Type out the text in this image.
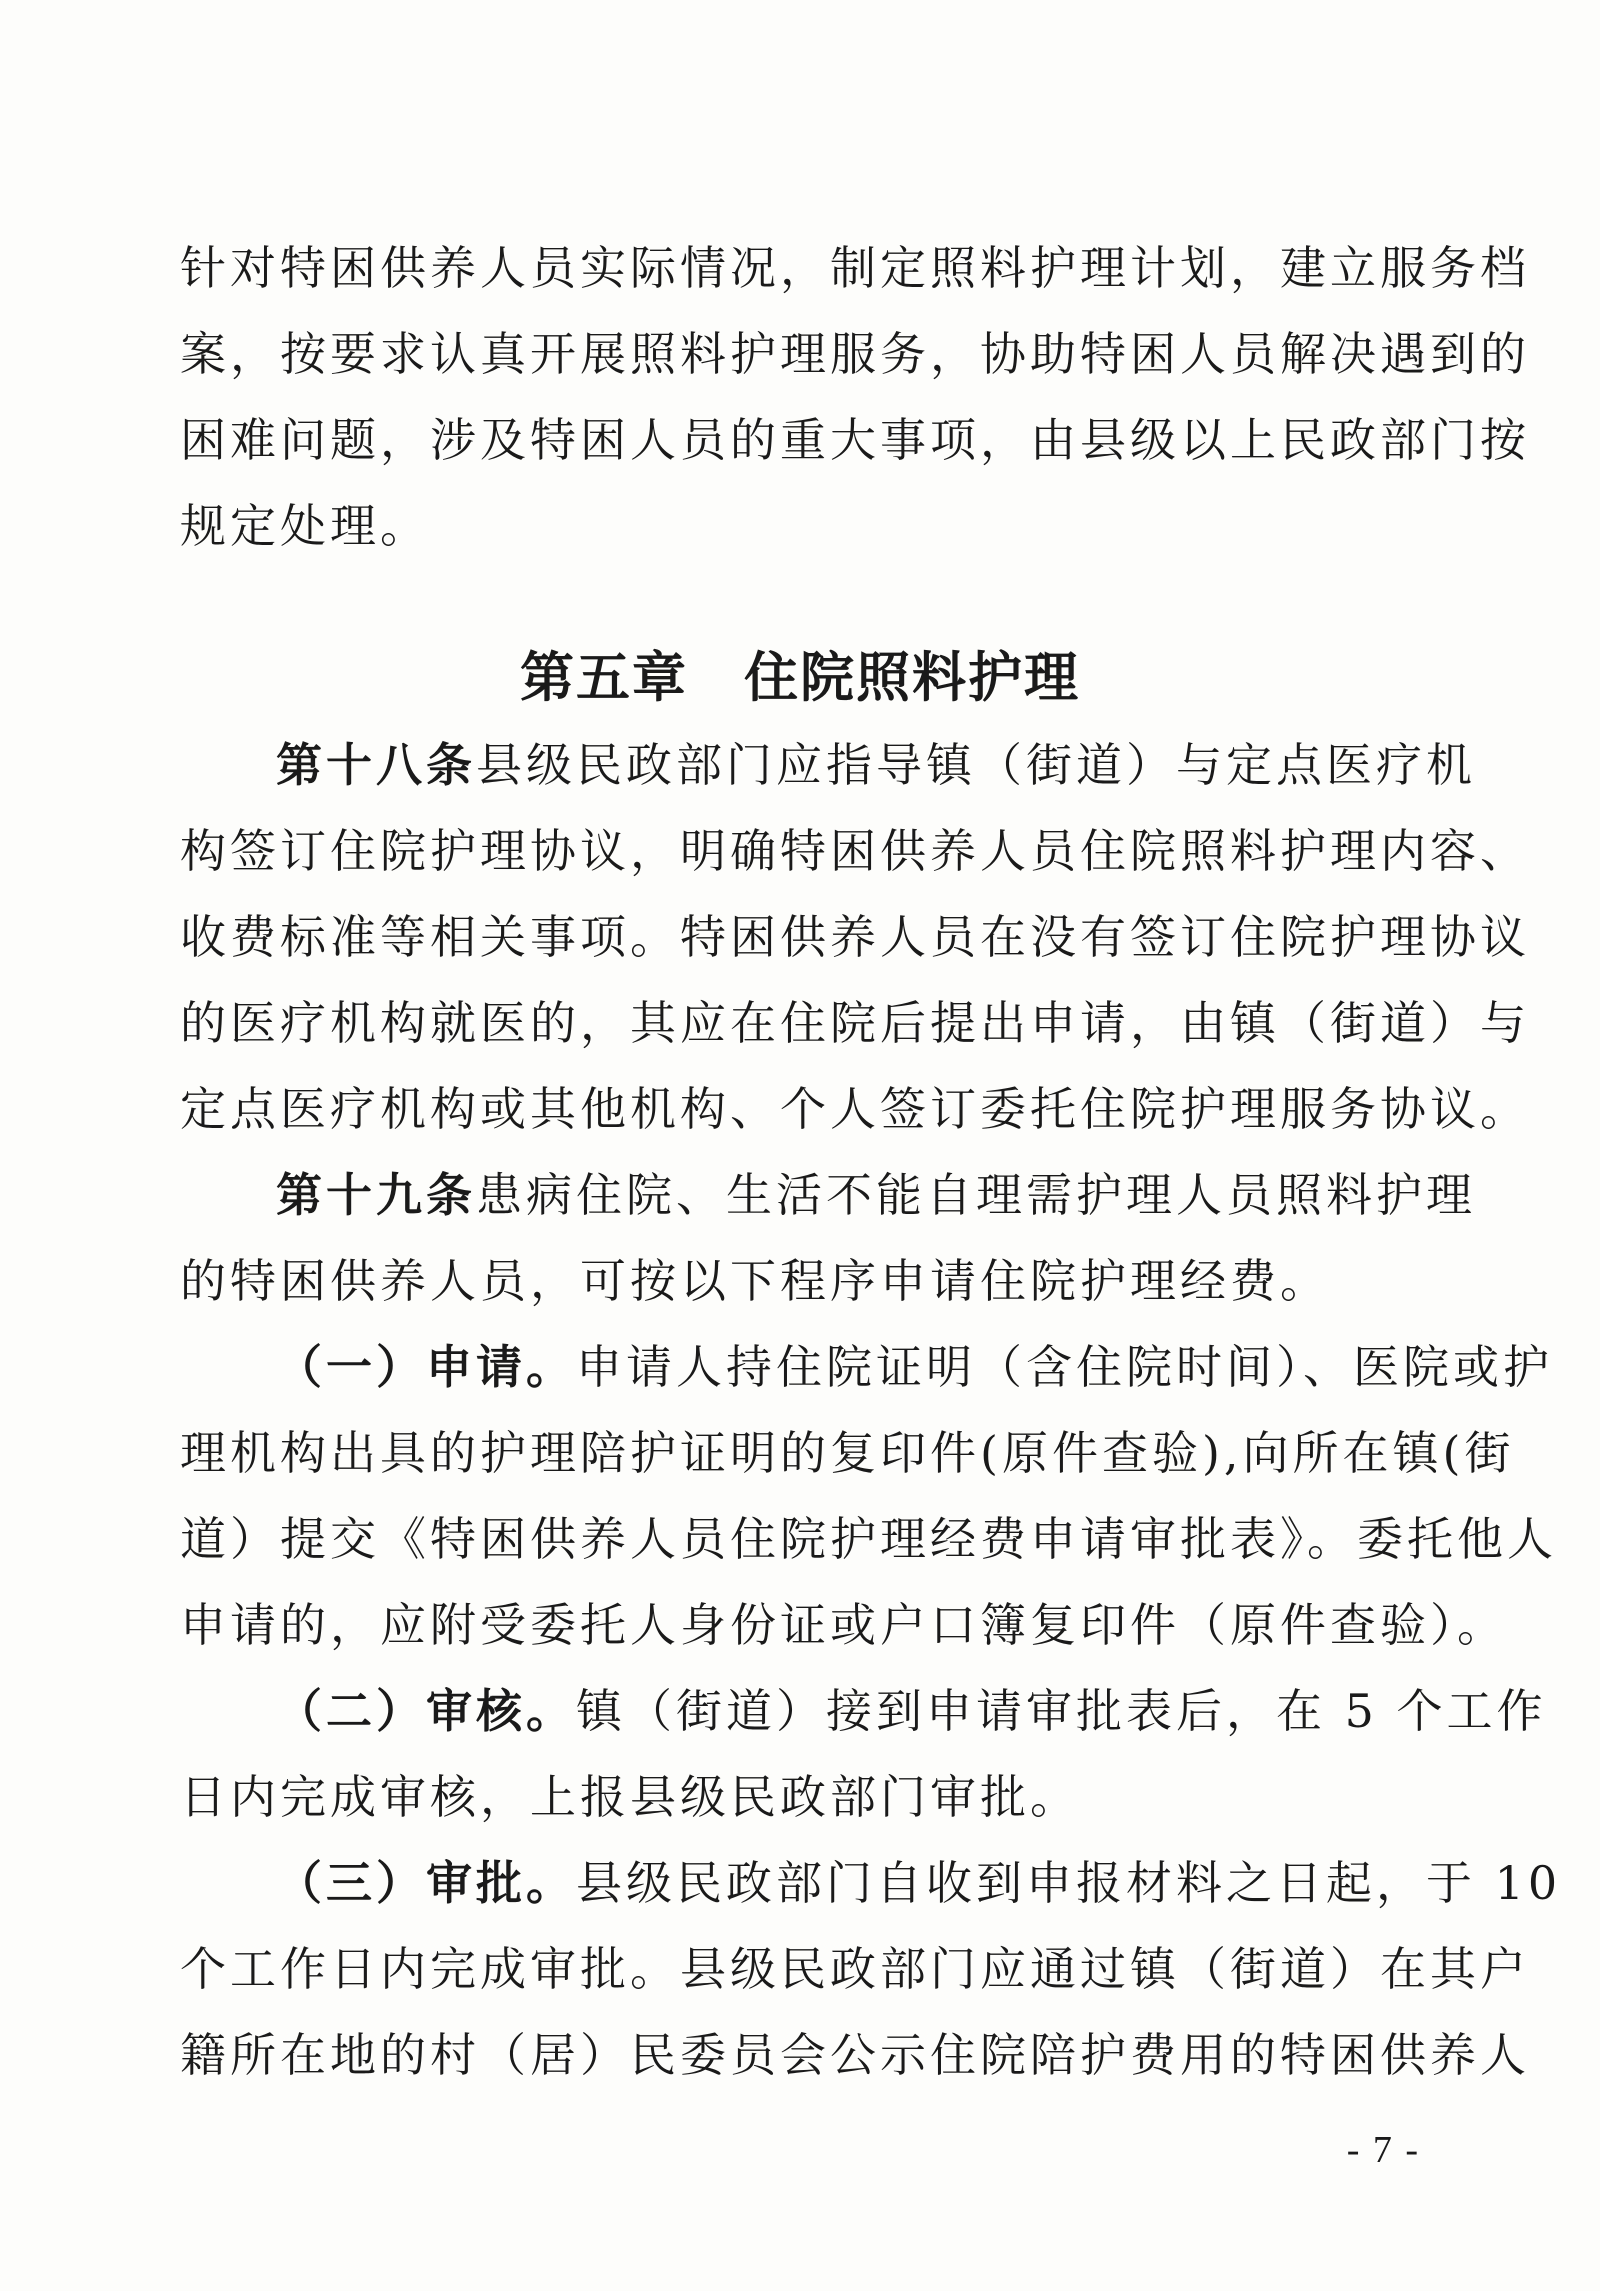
针对特困供养人员实际情况，制定照料护理计划，建立服务档
案，按要求认真开展照料护理服务，协助特困人员解决遇到的
困难问题，涉及特困人员的重大事项，由县级以上民政部门按
规定处理。
第五章 住院照料护理
第十八条 县级民政部门应指导镇（街道）与定点医疗机
构签订住院护理协议，明确特困供养人员住院照料护理内容、
收费标准等相关事项。特困供养人员在没有签订住院护理协议
的医疗机构就医的，其应在住院后提出申请，由镇（街道）与
定点医疗机构或其他机构、个人签订委托住院护理服务协议。
第十九条 患病住院、生活不能自理需护理人员照料护理
的特困供养人员，可按以下程序申请住院护理经费。
（一）申请。 申请人持住院证明（含住院时间）、医院或护
理机构出具的护理陪护证明的复印件(原件查验),向所在镇(街
道）提交《特困供养人员住院护理经费申请审批表》。委托他人
申请的，应附受委托人身份证或户口簿复印件（原件查验）。
（二）审核。 镇（街道）接到申请审批表后，在 5 个工作
日内完成审核，上报县级民政部门审批。
（三）审批。 县级民政部门自收到申报材料之日起，于 10
个工作日内完成审批。县级民政部门应通过镇（街道）在其户
籍所在地的村（居）民委员会公示住院陪护费用的特困供养人
- 7 -
